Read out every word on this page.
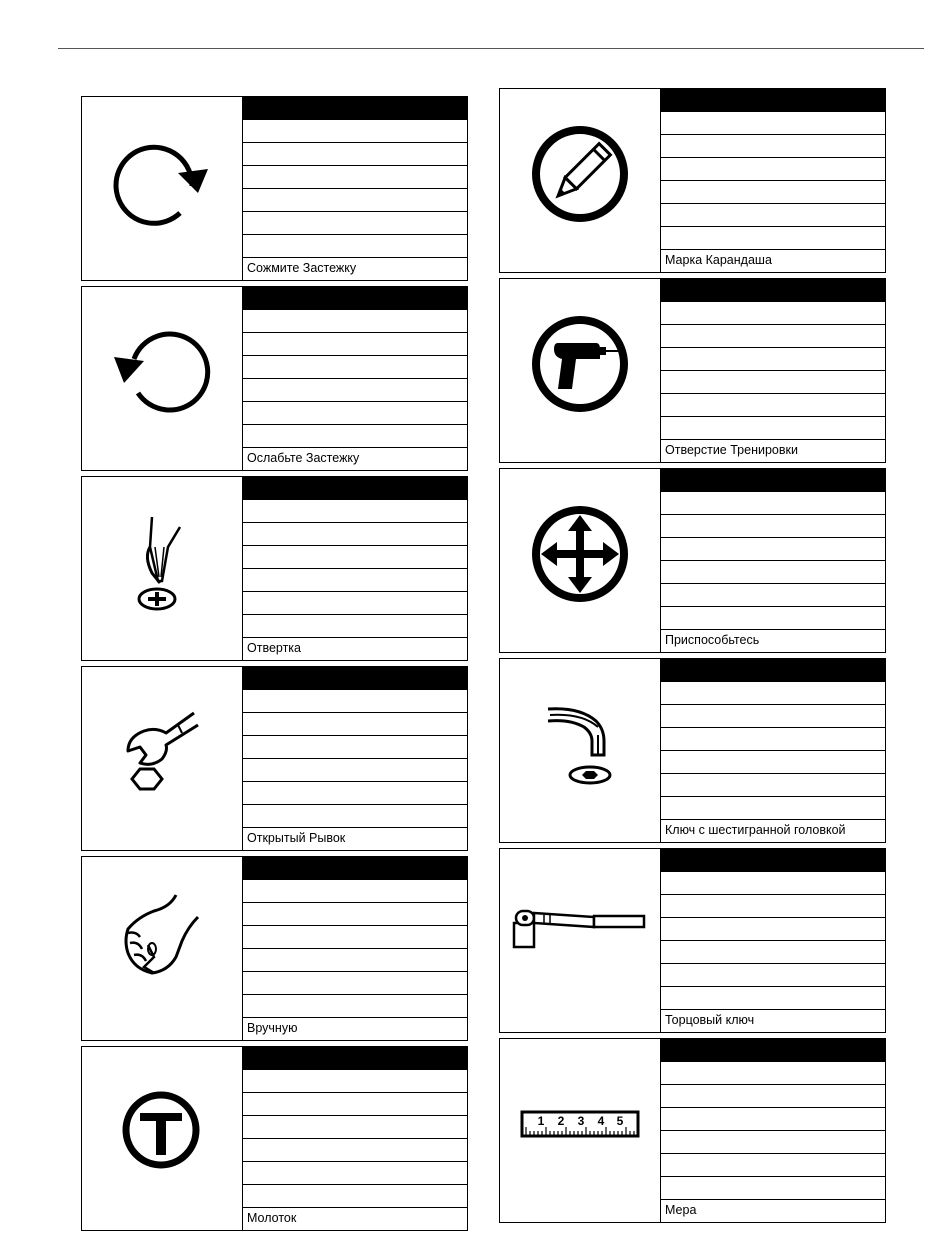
Сожмите Застежку
Ослабьте Застежку
Отвертка
Открытый Рывок
Вручную
Молоток
Марка Карандаша
Отверстие Тренировки
Приспособьтесь
Ключ с шестигранной головкой
Торцовый ключ
1 2 3 4 5
Мера
